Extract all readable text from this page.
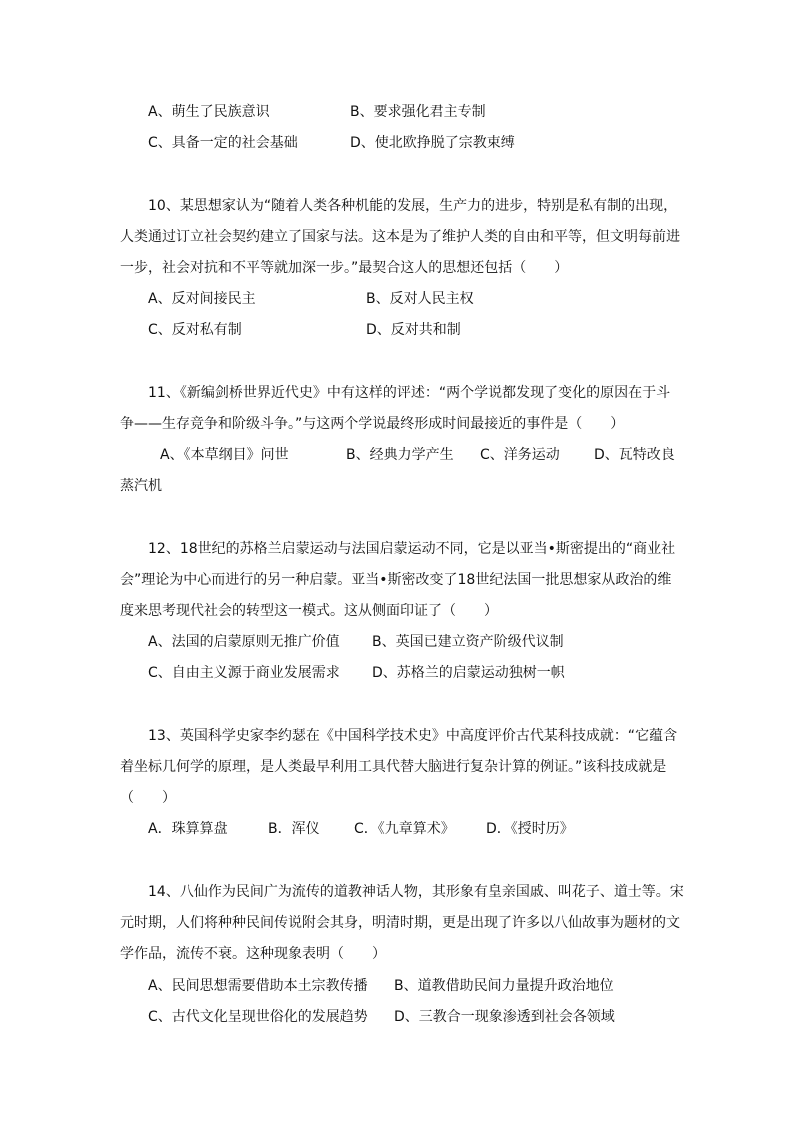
A、萌生了民族意识	B、要求强化君主专制
C、具备一定的社会基础	D、使北欧挣脱了宗教束缚
10、某思想家认为“随着人类各种机能的发展，生产力的进步，特别是私有制的出现，
人类通过订立社会契约建立了国家与法。这本是为了维护人类的自由和平等，但文明每前进
一步，社会对抗和不平等就加深一步。”最契合这人的思想还包括（　　）
A、反对间接民主	B、反对人民主权
C、反对私有制	D、反对共和制
11、《新编剑桥世界近代史》中有这样的评述：“两个学说都发现了变化的原因在于斗
争——生存竞争和阶级斗争。”与这两个学说最终形成时间最接近的事件是（　　）
A、《本草纲目》问世	B、经典力学产生 C、洋务运动 D、瓦特改良
蒸汽机
12、18世纪的苏格兰启蒙运动与法国启蒙运动不同，它是以亚当•斯密提出的“商业社
会”理论为中心而进行的另一种启蒙。亚当•斯密改变了18世纪法国一批思想家从政治的维
度来思考现代社会的转型这一模式。这从侧面印证了（　　）
A、法国的启蒙原则无推广价值 B、英国已建立资产阶级代议制
C、自由主义源于商业发展需求 D、苏格兰的启蒙运动独树一帜
13、英国科学史家李约瑟在《中国科学技术史》中高度评价古代某科技成就：“它蕴含
着坐标几何学的原理，是人类最早利用工具代替大脑进行复杂计算的例证。”该科技成就是
（　　）
A．珠算算盘	B．浑仪 C．《九章算术》 D．《授时历》
14、八仙作为民间广为流传的道教神话人物，其形象有皇亲国戚、叫花子、道士等。宋
元时期，人们将种种民间传说附会其身，明清时期，更是出现了许多以八仙故事为题材的文
学作品，流传不衰。这种现象表明（　　）
A、民间思想需要借助本土宗教传播 B、道教借助民间力量提升政治地位
C、古代文化呈现世俗化的发展趋势 D、三教合一现象渗透到社会各领域
